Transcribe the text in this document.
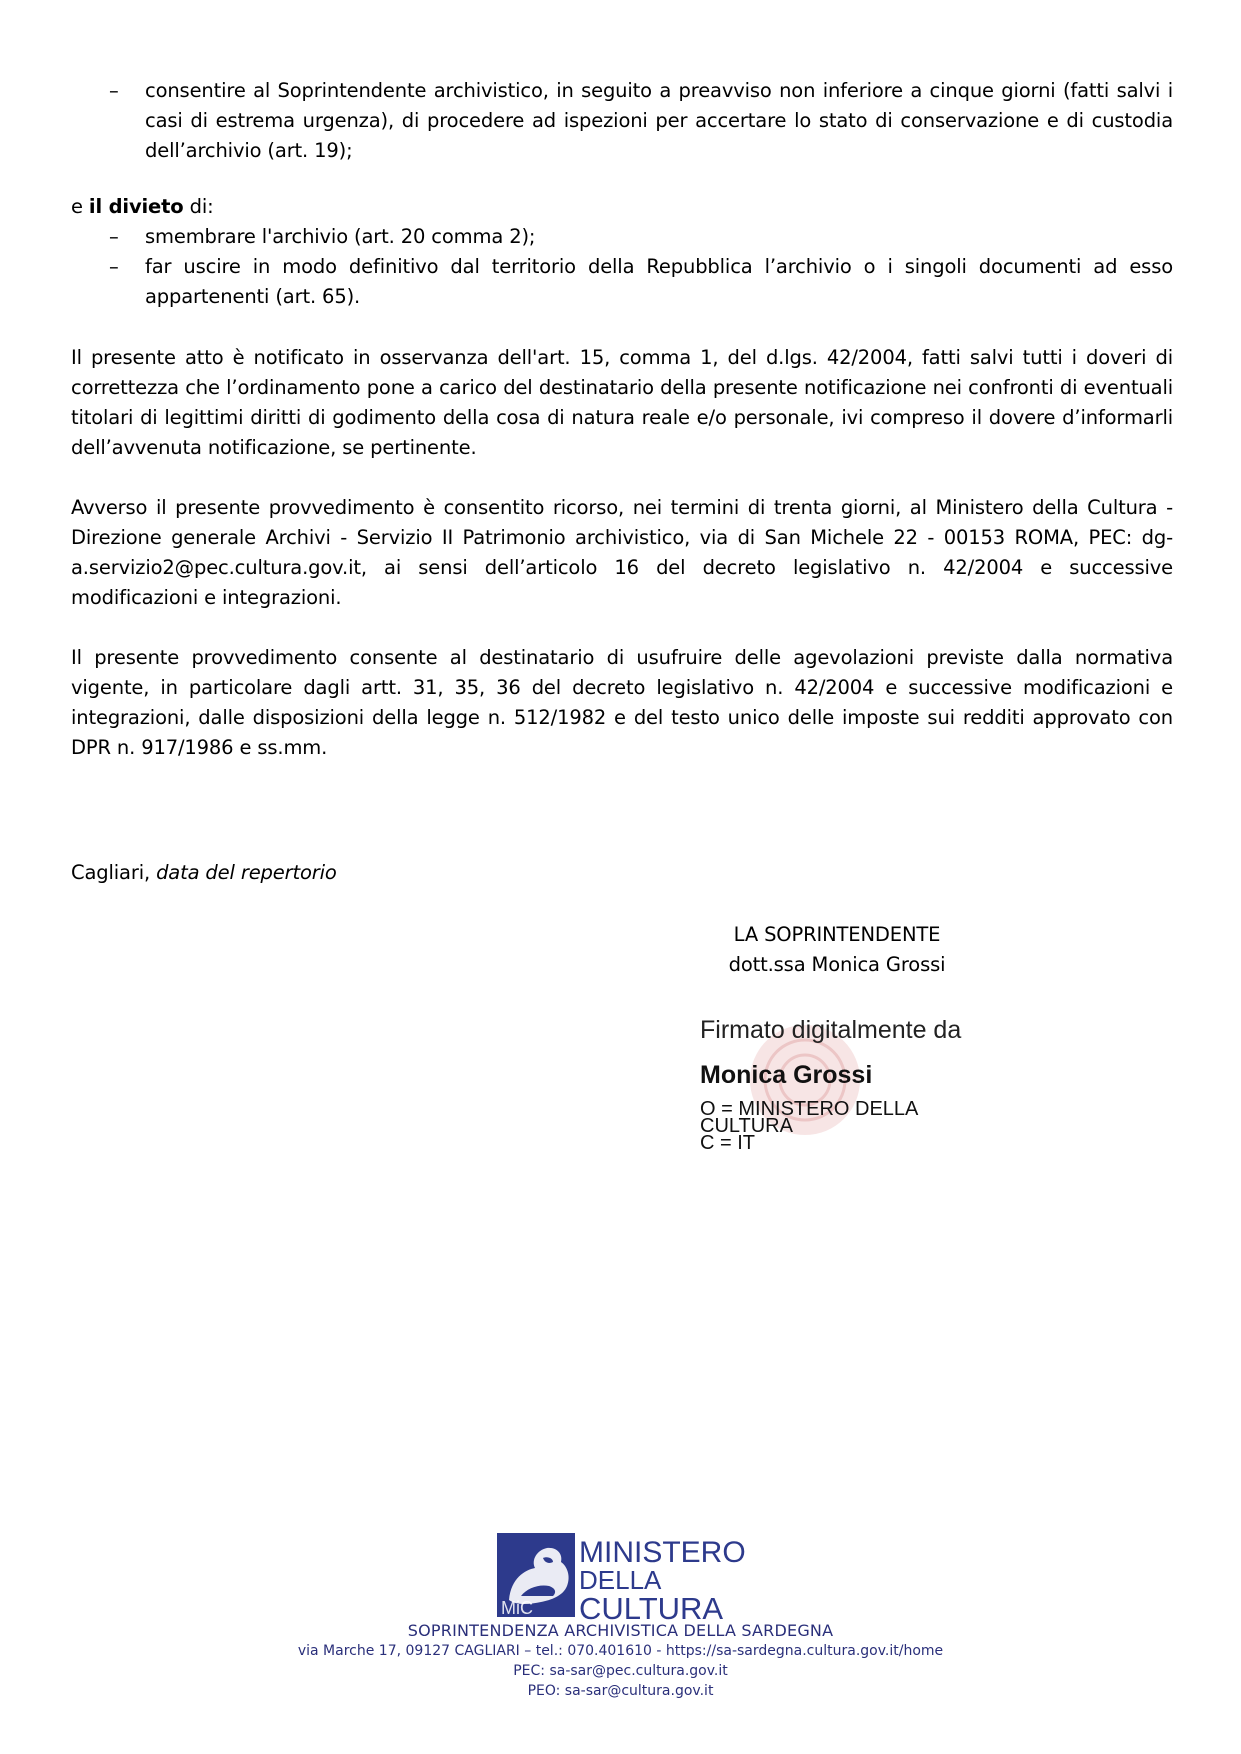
– consentire al Soprintendente archivistico, in seguito a preavviso non inferiore a cinque giorni (fatti salvi i casi di estrema urgenza), di procedere ad ispezioni per accertare lo stato di conservazione e di custodia dell’archivio (art. 19);

e il divieto di:

– smembrare l'archivio (art. 20 comma 2);

– far uscire in modo definitivo dal territorio della Repubblica l’archivio o i singoli documenti ad esso appartenenti (art. 65).

Il presente atto è notificato in osservanza dell'art. 15, comma 1, del d.lgs. 42/2004, fatti salvi tutti i doveri di correttezza che l’ordinamento pone a carico del destinatario della presente notificazione nei confronti di eventuali titolari di legittimi diritti di godimento della cosa di natura reale e/o personale, ivi compreso il dovere d’informarli dell’avvenuta notificazione, se pertinente.

Avverso il presente provvedimento è consentito ricorso, nei termini di trenta giorni, al Ministero della Cultura - Direzione generale Archivi - Servizio II Patrimonio archivistico, via di San Michele 22 - 00153 ROMA, PEC: dg-a.servizio2@pec.cultura.gov.it, ai sensi dell’articolo 16 del decreto legislativo n. 42/2004 e successive modificazioni e integrazioni.

Il presente provvedimento consente al destinatario di usufruire delle agevolazioni previste dalla normativa vigente, in particolare dagli artt. 31, 35, 36 del decreto legislativo n. 42/2004 e successive modificazioni e integrazioni, dalle disposizioni della legge n. 512/1982 e del testo unico delle imposte sui redditi approvato con DPR n. 917/1986 e ss.mm.

Cagliari, data del repertorio

LA SOPRINTENDENTE

dott.ssa Monica Grossi

Firmato digitalmente da
Monica Grossi
O = MINISTERO DELLA
CULTURA
C = IT
MiC
MINISTERO
DELLA
CULTURA
SOPRINTENDENZA ARCHIVISTICA DELLA SARDEGNA
via Marche 17, 09127 CAGLIARI – tel.: 070.401610 - https://sa-sardegna.cultura.gov.it/home
PEC: sa-sar@pec.cultura.gov.it
PEO: sa-sar@cultura.gov.it
